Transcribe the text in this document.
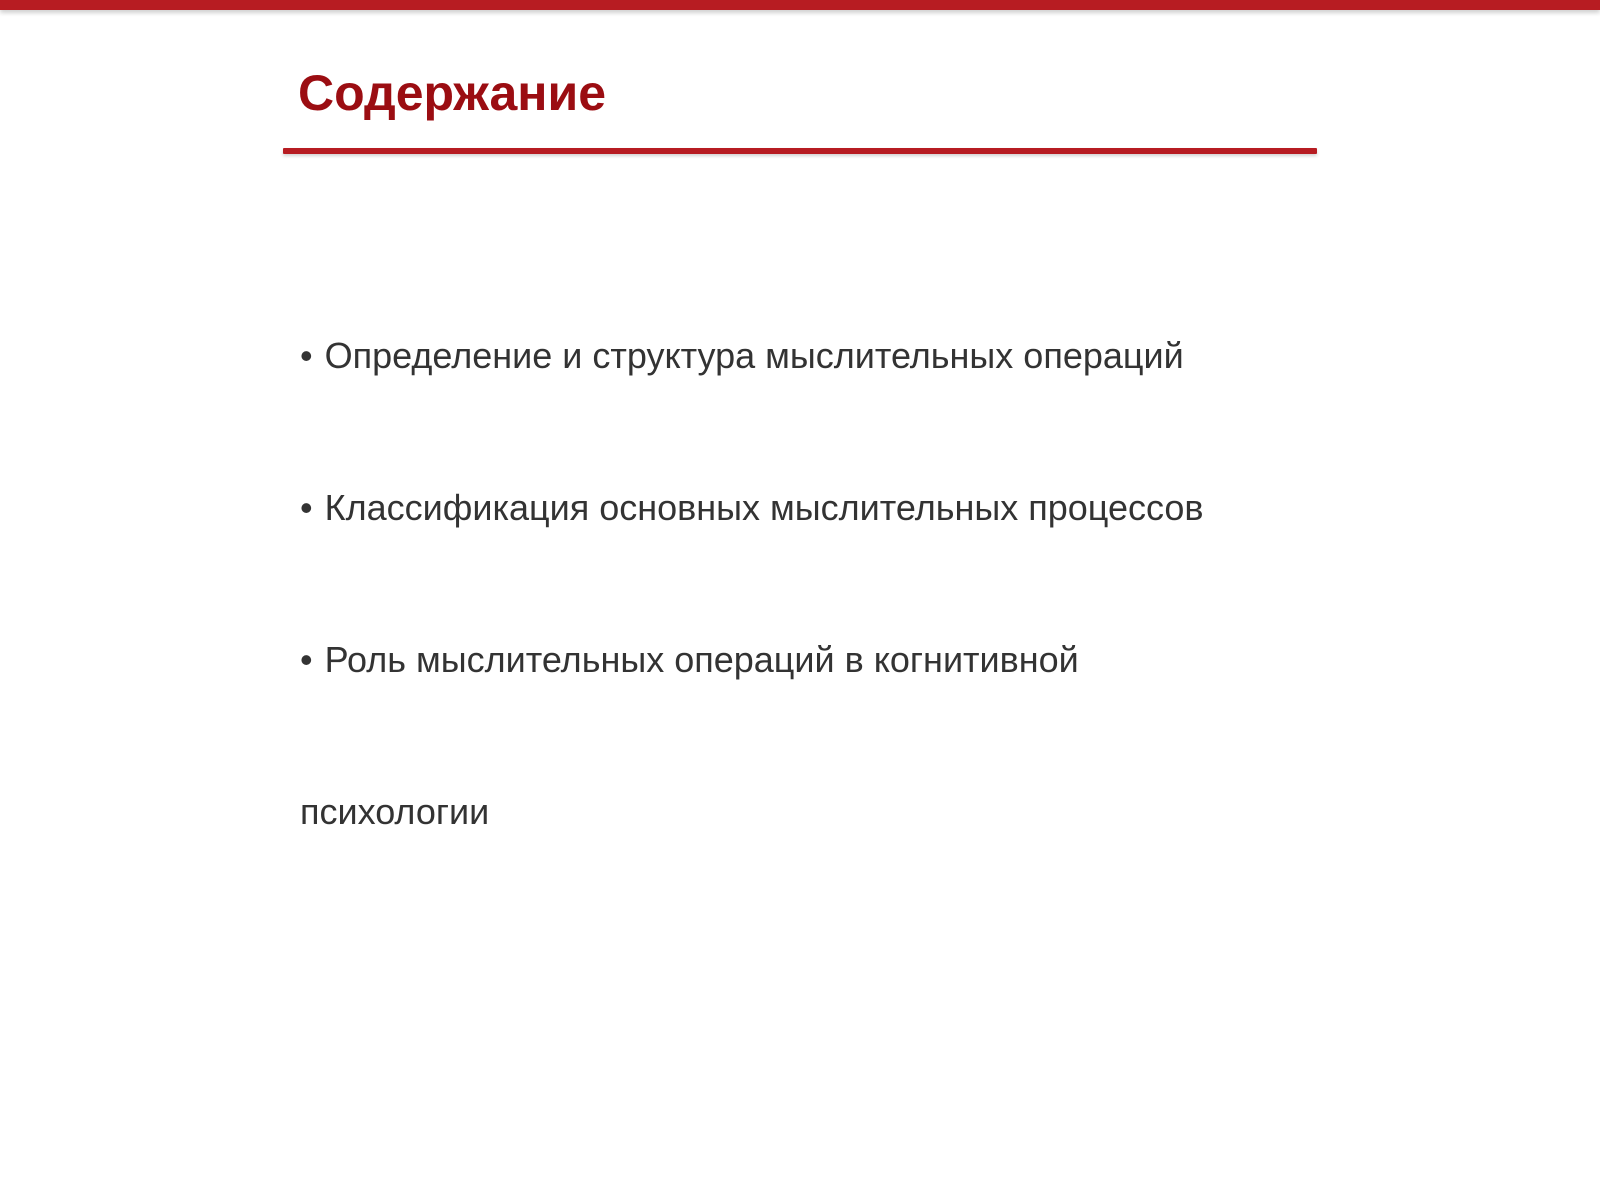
Содержание
• Определение и структура мыслительных операций
• Классификация основных мыслительных процессов
• Роль мыслительных операций в когнитивной
психологии
